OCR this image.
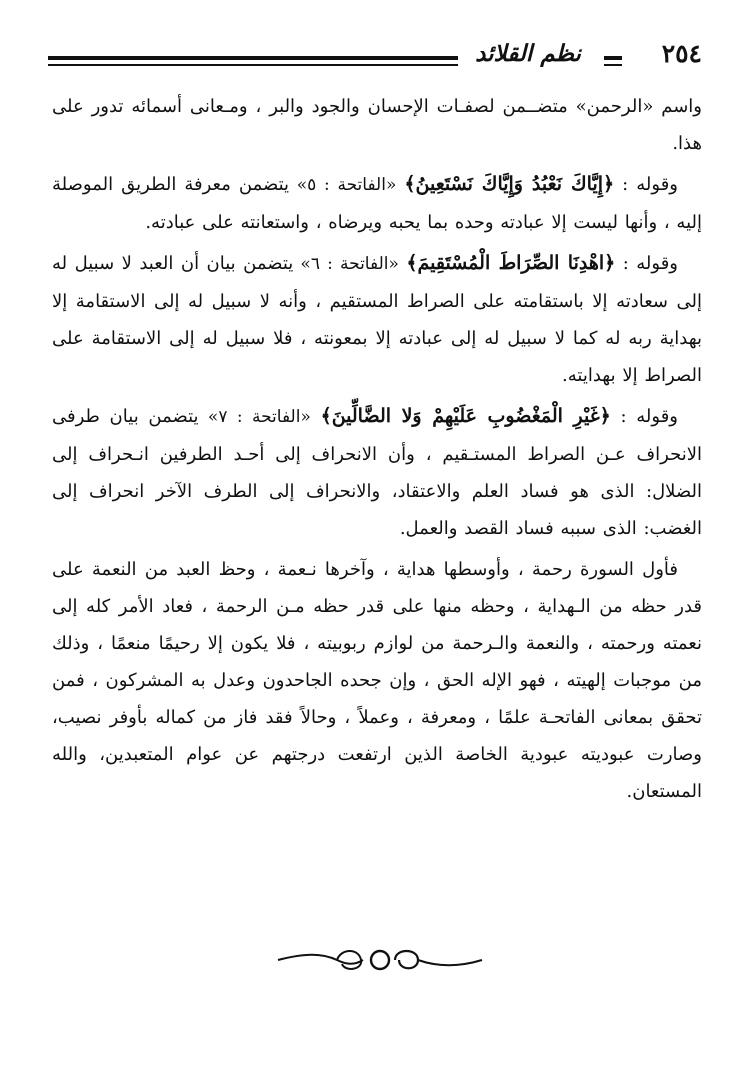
٢٥٤
نظم القلائد

واسم «الرحمن» متضــمن لصفـات الإحسان والجود والبر ، ومـعانى أسمائه تدور على هذا.

وقوله : ﴿إِيَّاكَ نَعْبُدُ وَإِيَّاكَ نَسْتَعِينُ﴾ «الفاتحة : ٥» يتضمن معرفة الطريق الموصلة إليه ، وأنها ليست إلا عبادته وحده بما يحبه ويرضاه ، واستعانته على عبادته.

وقوله : ﴿اهْدِنَا الصِّرَاطَ الْمُسْتَقِيمَ﴾ «الفاتحة : ٦» يتضمن بيان أن العبد لا سبيل له إلى سعادته إلا باستقامته على الصراط المستقيم ، وأنه لا سبيل له إلى الاستقامة إلا بهداية ربه له كما لا سبيل له إلى عبادته إلا بمعونته ، فلا سبيل له إلى الاستقامة على الصراط إلا بهدايته.

وقوله : ﴿غَيْرِ الْمَغْضُوبِ عَلَيْهِمْ وَلا الضَّالِّينَ﴾ «الفاتحة : ٧» يتضمن بيان طرفى الانحراف عـن الصراط المستـقيم ، وأن الانحراف إلى أحـد الطرفين انـحراف إلى الضلال: الذى هو فساد العلم والاعتقاد، والانحراف إلى الطرف الآخر انحراف إلى الغضب: الذى سببه فساد القصد والعمل.

فأول السورة رحمة ، وأوسطها هداية ، وآخرها نـعمة ، وحظ العبد من النعمة على قدر حظه من الـهداية ، وحظه منها على قدر حظه مـن الرحمة ، فعاد الأمر كله إلى نعمته ورحمته ، والنعمة والـرحمة من لوازم ربوبيته ، فلا يكون إلا رحيمًا منعمًا ، وذلك من موجبات إلهيته ، فهو الإله الحق ، وإن جحده الجاحدون وعدل به المشركون ، فمن تحقق بمعانى الفاتحـة علمًا ، ومعرفة ، وعملاً ، وحالاً فقد فاز من كماله بأوفر نصيب، وصارت عبوديته عبودية الخاصة الذين ارتفعت درجتهم عن عوام المتعبدين، والله المستعان.
